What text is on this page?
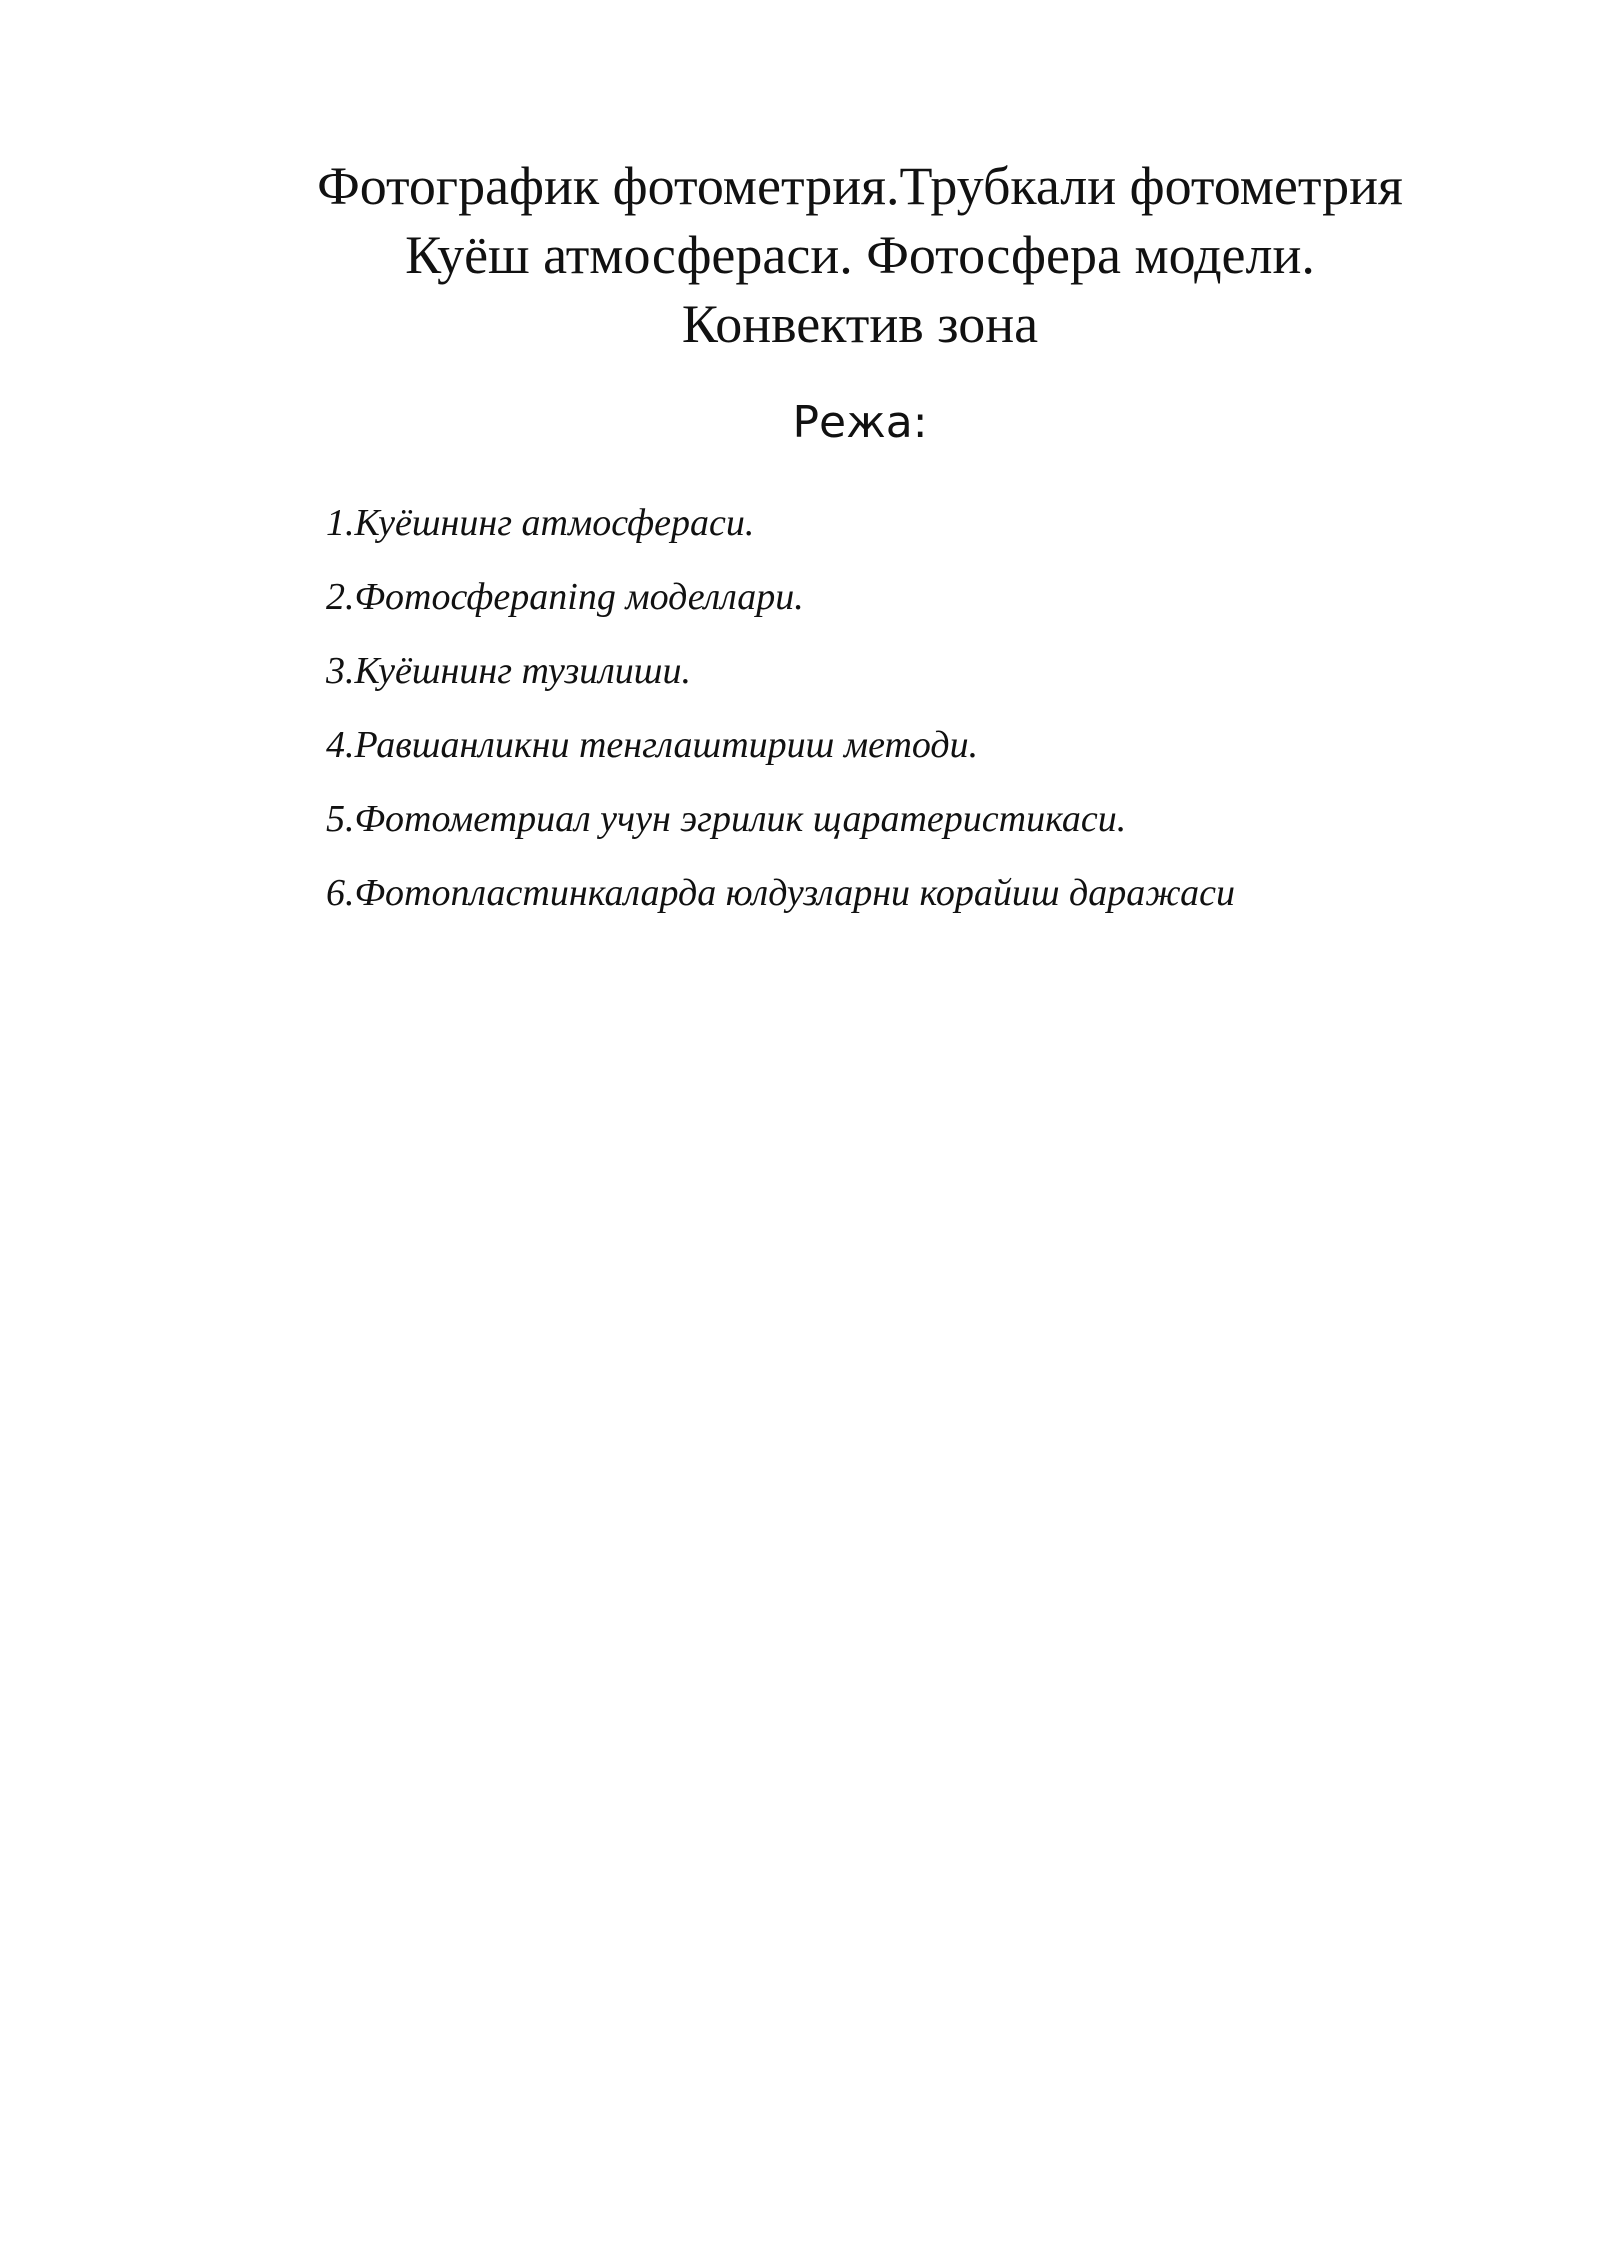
Фотографик фотометрия.Трубкали фотометрия
Куёш атмосфераси. Фотосфера модели.
Конвектив зона
Режа:
1.Куёшнинг атмосфераси.
2.Фотосфераning моделлари.
3.Куёшнинг тузилиши.
4.Равшанликни тенглаштириш методи.
5.Фотометриал учун эгрилик щаратеристикаси.
6.Фотопластинкаларда юлдузларни корайиш даражаси
